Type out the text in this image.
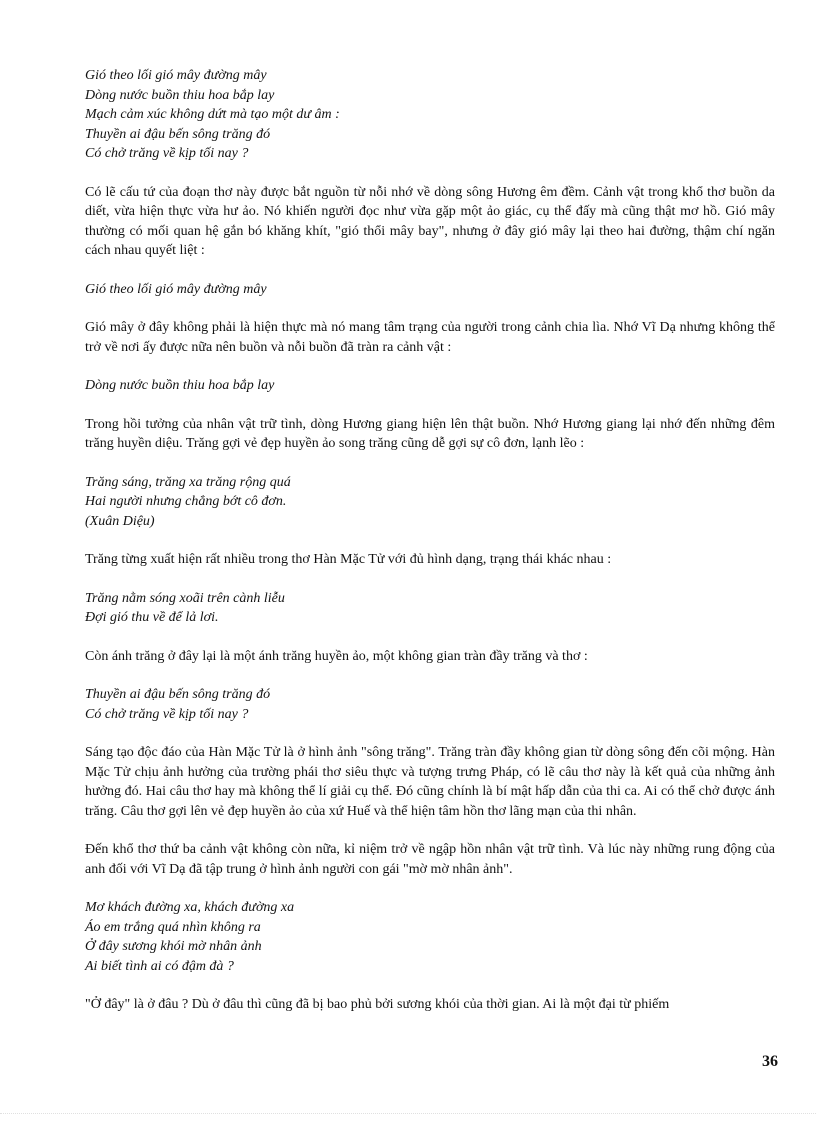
Gió theo lối gió mây đường mây
Dòng nước buồn thiu hoa bắp lay
Mạch cảm xúc không dứt mà tạo một dư âm :
Thuyền ai đậu bến sông trăng đó
Có chở trăng về kịp tối nay ?

Có lẽ cấu tứ của đoạn thơ này được bắt nguồn từ nỗi nhớ về dòng sông Hương êm đềm. Cảnh vật trong khổ thơ buồn da diết, vừa hiện thực vừa hư ảo. Nó khiến người đọc như vừa gặp một ảo giác, cụ thể đấy mà cũng thật mơ hồ. Gió mây thường có mối quan hệ gắn bó khăng khít, "gió thổi mây bay", nhưng ở đây gió mây lại theo hai đường, thậm chí ngăn cách nhau quyết liệt :

Gió theo lối gió mây đường mây

Gió mây ở đây không phải là hiện thực mà nó mang tâm trạng của người trong cảnh chia lìa. Nhớ Vĩ Dạ nhưng không thể trở về nơi ấy được nữa nên buồn và nỗi buồn đã tràn ra cảnh vật :

Dòng nước buồn thiu hoa bắp lay

Trong hồi tưởng của nhân vật trữ tình, dòng Hương giang hiện lên thật buồn. Nhớ Hương giang lại nhớ đến những đêm trăng huyền diệu. Trăng gợi vẻ đẹp huyền ảo song trăng cũng dễ gợi sự cô đơn, lạnh lẽo :

Trăng sáng, trăng xa trăng rộng quá
Hai người nhưng chẳng bớt cô đơn.
(Xuân Diệu)

Trăng từng xuất hiện rất nhiều trong thơ Hàn Mặc Tử với đủ hình dạng, trạng thái khác nhau :

Trăng nằm sóng xoãi trên cành liễu
Đợi gió thu về để lả lơi.

Còn ánh trăng ở đây lại là một ánh trăng huyền ảo, một không gian tràn đầy trăng và thơ :

Thuyền ai đậu bến sông trăng đó
Có chở trăng về kịp tối nay ?

Sáng tạo độc đáo của Hàn Mặc Tử là ở hình ảnh "sông trăng". Trăng tràn đầy không gian từ dòng sông đến cõi mộng. Hàn Mặc Tử chịu ảnh hưởng của trường phái thơ siêu thực và tượng trưng Pháp, có lẽ câu thơ này là kết quả của những ảnh hưởng đó. Hai câu thơ hay mà không thể lí giải cụ thể. Đó cũng chính là bí mật hấp dẫn của thi ca. Ai có thể chở được ánh trăng. Câu thơ gợi lên vẻ đẹp huyền ảo của xứ Huế và thể hiện tâm hồn thơ lãng mạn của thi nhân.

Đến khổ thơ thứ ba cảnh vật không còn nữa, kỉ niệm trở về ngập hồn nhân vật trữ tình. Và lúc này những rung động của anh đối với Vĩ Dạ đã tập trung ở hình ảnh người con gái "mờ mờ nhân ảnh".

Mơ khách đường xa, khách đường xa
Áo em trắng quá nhìn không ra
Ở đây sương khói mờ nhân ảnh
Ai biết tình ai có đậm đà ?

"Ở đây" là ở đâu ? Dù ở đâu thì cũng đã bị bao phủ bởi sương khói của thời gian. Ai là một đại từ phiếm

36
